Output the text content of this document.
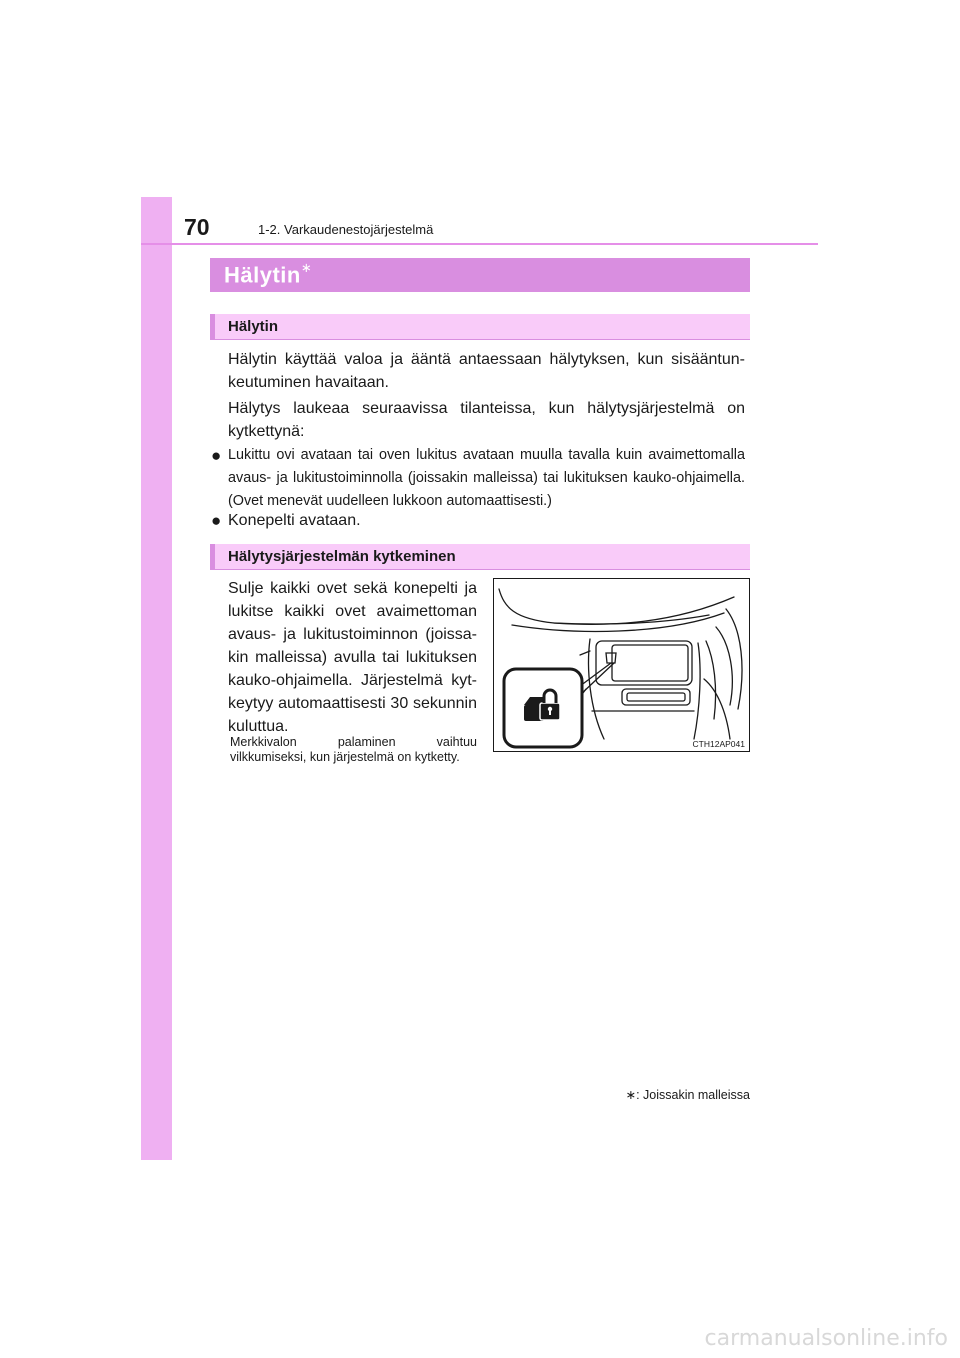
70	1-2. Varkaudenestojärjestelmä
Hälytin∗
Hälytin

Hälytin käyttää valoa ja ääntä antaessaan hälytyksen, kun sisääntunkeutuminen havaitaan.

Hälytys laukeaa seuraavissa tilanteissa, kun hälytysjärjestelmä on kytkettynä:

● Lukittu ovi avataan tai oven lukitus avataan muulla tavalla kuin avaimettomalla avaus- ja lukitustoiminnolla (joissakin malleissa) tai lukituksen kauko-ohjaimella. (Ovet menevät uudelleen lukkoon automaattisesti.)
● Konepelti avataan.
Hälytysjärjestelmän kytkeminen

Sulje kaikki ovet sekä konepelti ja lukitse kaikki ovet avaimettoman avaus- ja lukitustoiminnon (joissakin malleissa) avulla tai lukituksen kauko-ohjaimella. Järjestelmä kytkeytyy automaattisesti 30 sekunnin kuluttua.

Merkkivalon palaminen vaihtuu vilkkumiseksi, kun järjestelmä on kytketty.

CTH12AP041
∗: Joissakin malleissa
carmanualsonline.info
